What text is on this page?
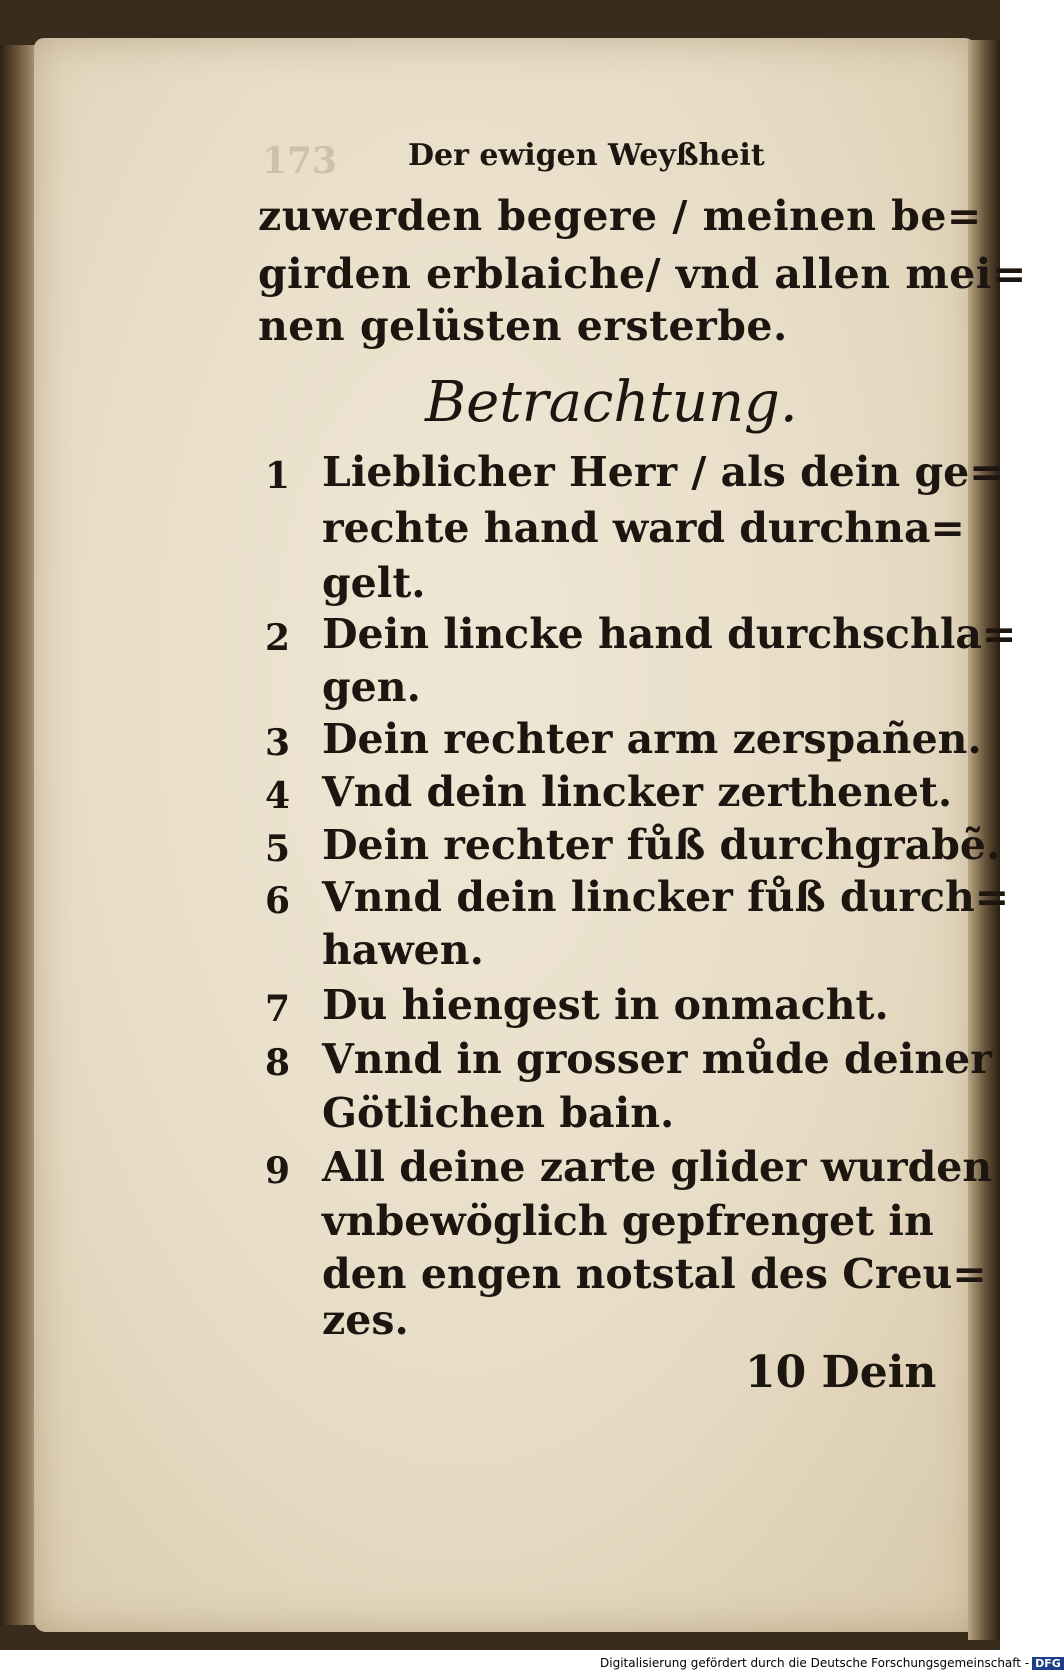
173 Der ewigen Weyßheit
zuwerden begere / meinen be=
girden erblaiche/ vnd allen mei=
nen gelüsten ersterbe.
Betrachtung.
1 Lieblicher Herr / als dein ge=
rechte hand ward durchna=
gelt.
2 Dein lincke hand durchschla=
gen.
3 Dein rechter arm zerspañen.
4 Vnd dein lincker zerthenet.
5 Dein rechter fůß durchgrabẽ.
6 Vnnd dein lincker fůß durch=
hawen.
7 Du hiengest in onmacht.
8 Vnnd in grosser můde deiner
Götlichen bain.
9 All deine zarte glider wurden
vnbewöglich gepfrenget in
den engen notstal des Creu=
zes.
10 Dein
Digitalisierung gefördert durch die Deutsche Forschungsgemeinschaft - DFG
